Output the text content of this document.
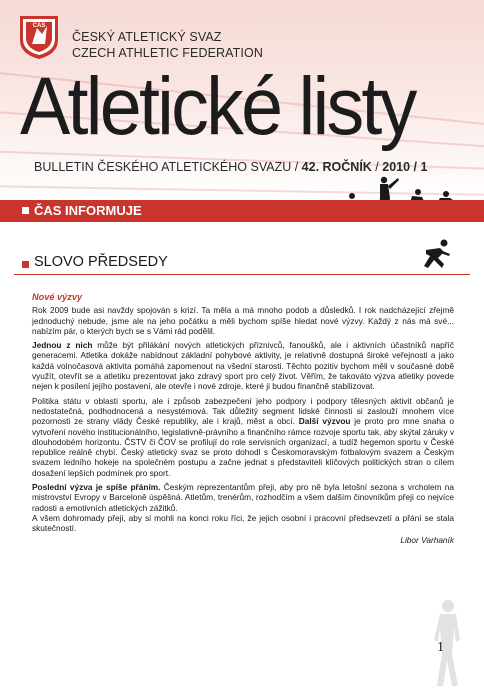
ČAS
ČESKÝ ATLETICKÝ SVAZ
CZECH ATHLETIC FEDERATION
Atletické listy
BULLETIN ČESKÉHO ATLETICKÉHO SVAZU / 42. ROČNÍK / 2010 / 1
ČAS INFORMUJE
SLOVO PŘEDSEDY
Nové výzvy

Rok 2009 bude asi navždy spojován s krizí. Ta měla a má mnoho podob a důsledků. I rok nadcházející zřejmě jednoduchý nebude, jsme ale na jeho počátku a měli bychom spíše hledat nové výzvy. Každý z nás má své... nabízím pár, o kterých bych se s Vámi rád podělil.

Jednou z nich může být přilákání nových atletických příznivců, fanoušků, ale i aktivních účastníků napříč generacemi. Atletika dokáže nabídnout základní pohybové aktivity, je relativně dostupná široké veřejnosti a jako každá volnočasová aktivita pomáhá zapomenout na všední starosti. Těchto pozitiv bychom měli v současné době využít, otevřít se a atletiku prezentovat jako zdravý sport pro celý život. Věřím, že takováto výzva atletiky povede nejen k posílení jejího postavení, ale otevře i nové zdroje, které ji budou finančně stabilizovat.

Politika státu v oblasti sportu, ale i způsob zabezpečení jeho podpory i podpory tělesných aktivit občanů je nedostatečná, podhodnocená a nesystémová. Tak důležitý segment lidské činnosti si zaslouží mnohem více pozornosti ze strany vlády České republiky, ale i krajů, měst a obcí. Další výzvou je proto pro mne snaha o vytvoření nového institucionálního, legislativně-právního a finančního rámce rozvoje sportu tak, aby skýtal záruky v dlouhodobém horizontu. ČSTV či ČOV se profilují do role servisních organizací, a tudíž hegemon sportu v České republice reálně chybí. Český atletický svaz se proto dohodl s Českomoravským fotbalovým svazem a Českým svazem ledního hokeje na společném postupu a začne jednat s představiteli klíčových politických stran o cílem dosažení lepších podmínek pro sport.

Poslední výzva je spíše přáním. Českým reprezentantům přeji, aby pro ně byla letošní sezona s vrcholem na mistrovství Evropy v Barceloně úspěšná. Atletům, trenérům, rozhodčím a všem dalším činovníkům přeji co nejvíce radosti a emotivních atletických zážitků.

A všem dohromady přeji, aby si mohli na konci roku říci, že jejich osobní i pracovní předsevzetí a přání se stala skutečností.

Libor Varhaník
1
